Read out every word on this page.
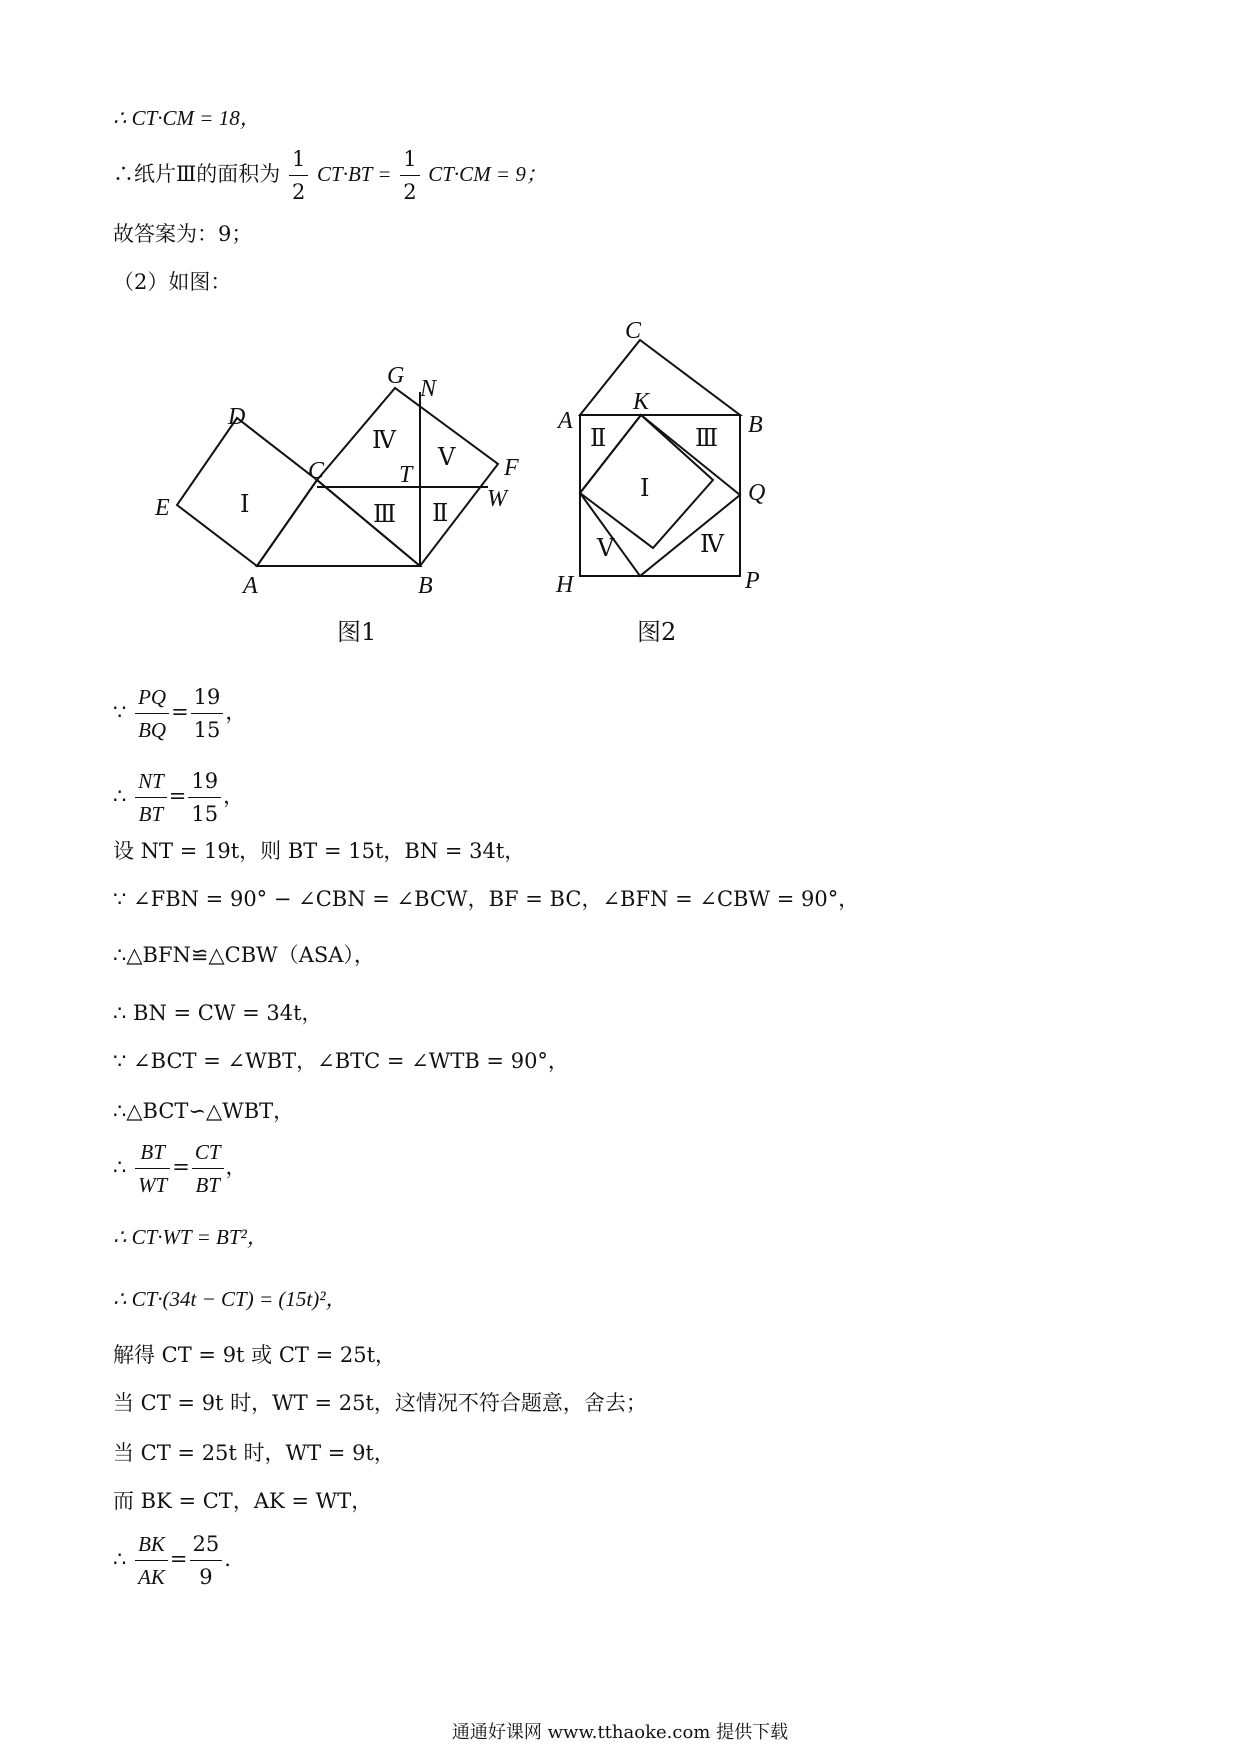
∴ CT·CM = 18，
∴纸片Ⅲ的面积为 $\frac{1}{2} CT\cdot BT = \frac{1}{2} CT\cdot CM = 9$；
故答案为：9；
（2）如图：
D
E
A	B
C
G N
F
W
T
Ⅰ	Ⅱ
Ⅲ
Ⅳ
Ⅴ
图1
C
A
K
B
Q
H	P
Ⅰ
Ⅱ	Ⅲ
Ⅳ
Ⅴ
图2
∵ $\frac{PQ}{BQ} = \frac{19}{15}$ ，
∴ $\frac{NT}{BT} = \frac{19}{15}$ ，
设 NT = 19t，则 BT = 15t，BN = 34t，
∵ ∠FBN = 90° − ∠CBN = ∠BCW，BF = BC，∠BFN = ∠CBW = 90°，
∴△BFN≌△CBW（ASA），
∴ BN = CW = 34t，
∵ ∠BCT = ∠WBT，∠BTC = ∠WTB = 90°，
∴△BCT∽△WBT，
∴ $\frac{BT}{WT} = \frac{CT}{BT}$ ，
∴ CT·WT = BT²，
∴ CT·(34t − CT) = (15t)²，
解得 CT = 9t 或 CT = 25t，
当 CT = 9t 时，WT = 25t，这情况不符合题意，舍去；
当 CT = 25t 时，WT = 9t，
而 BK = CT，AK = WT，
∴ $\frac{BK}{AK} = \frac{25}{9}$ .
通通好课网 www.tthaoke.com 提供下载
